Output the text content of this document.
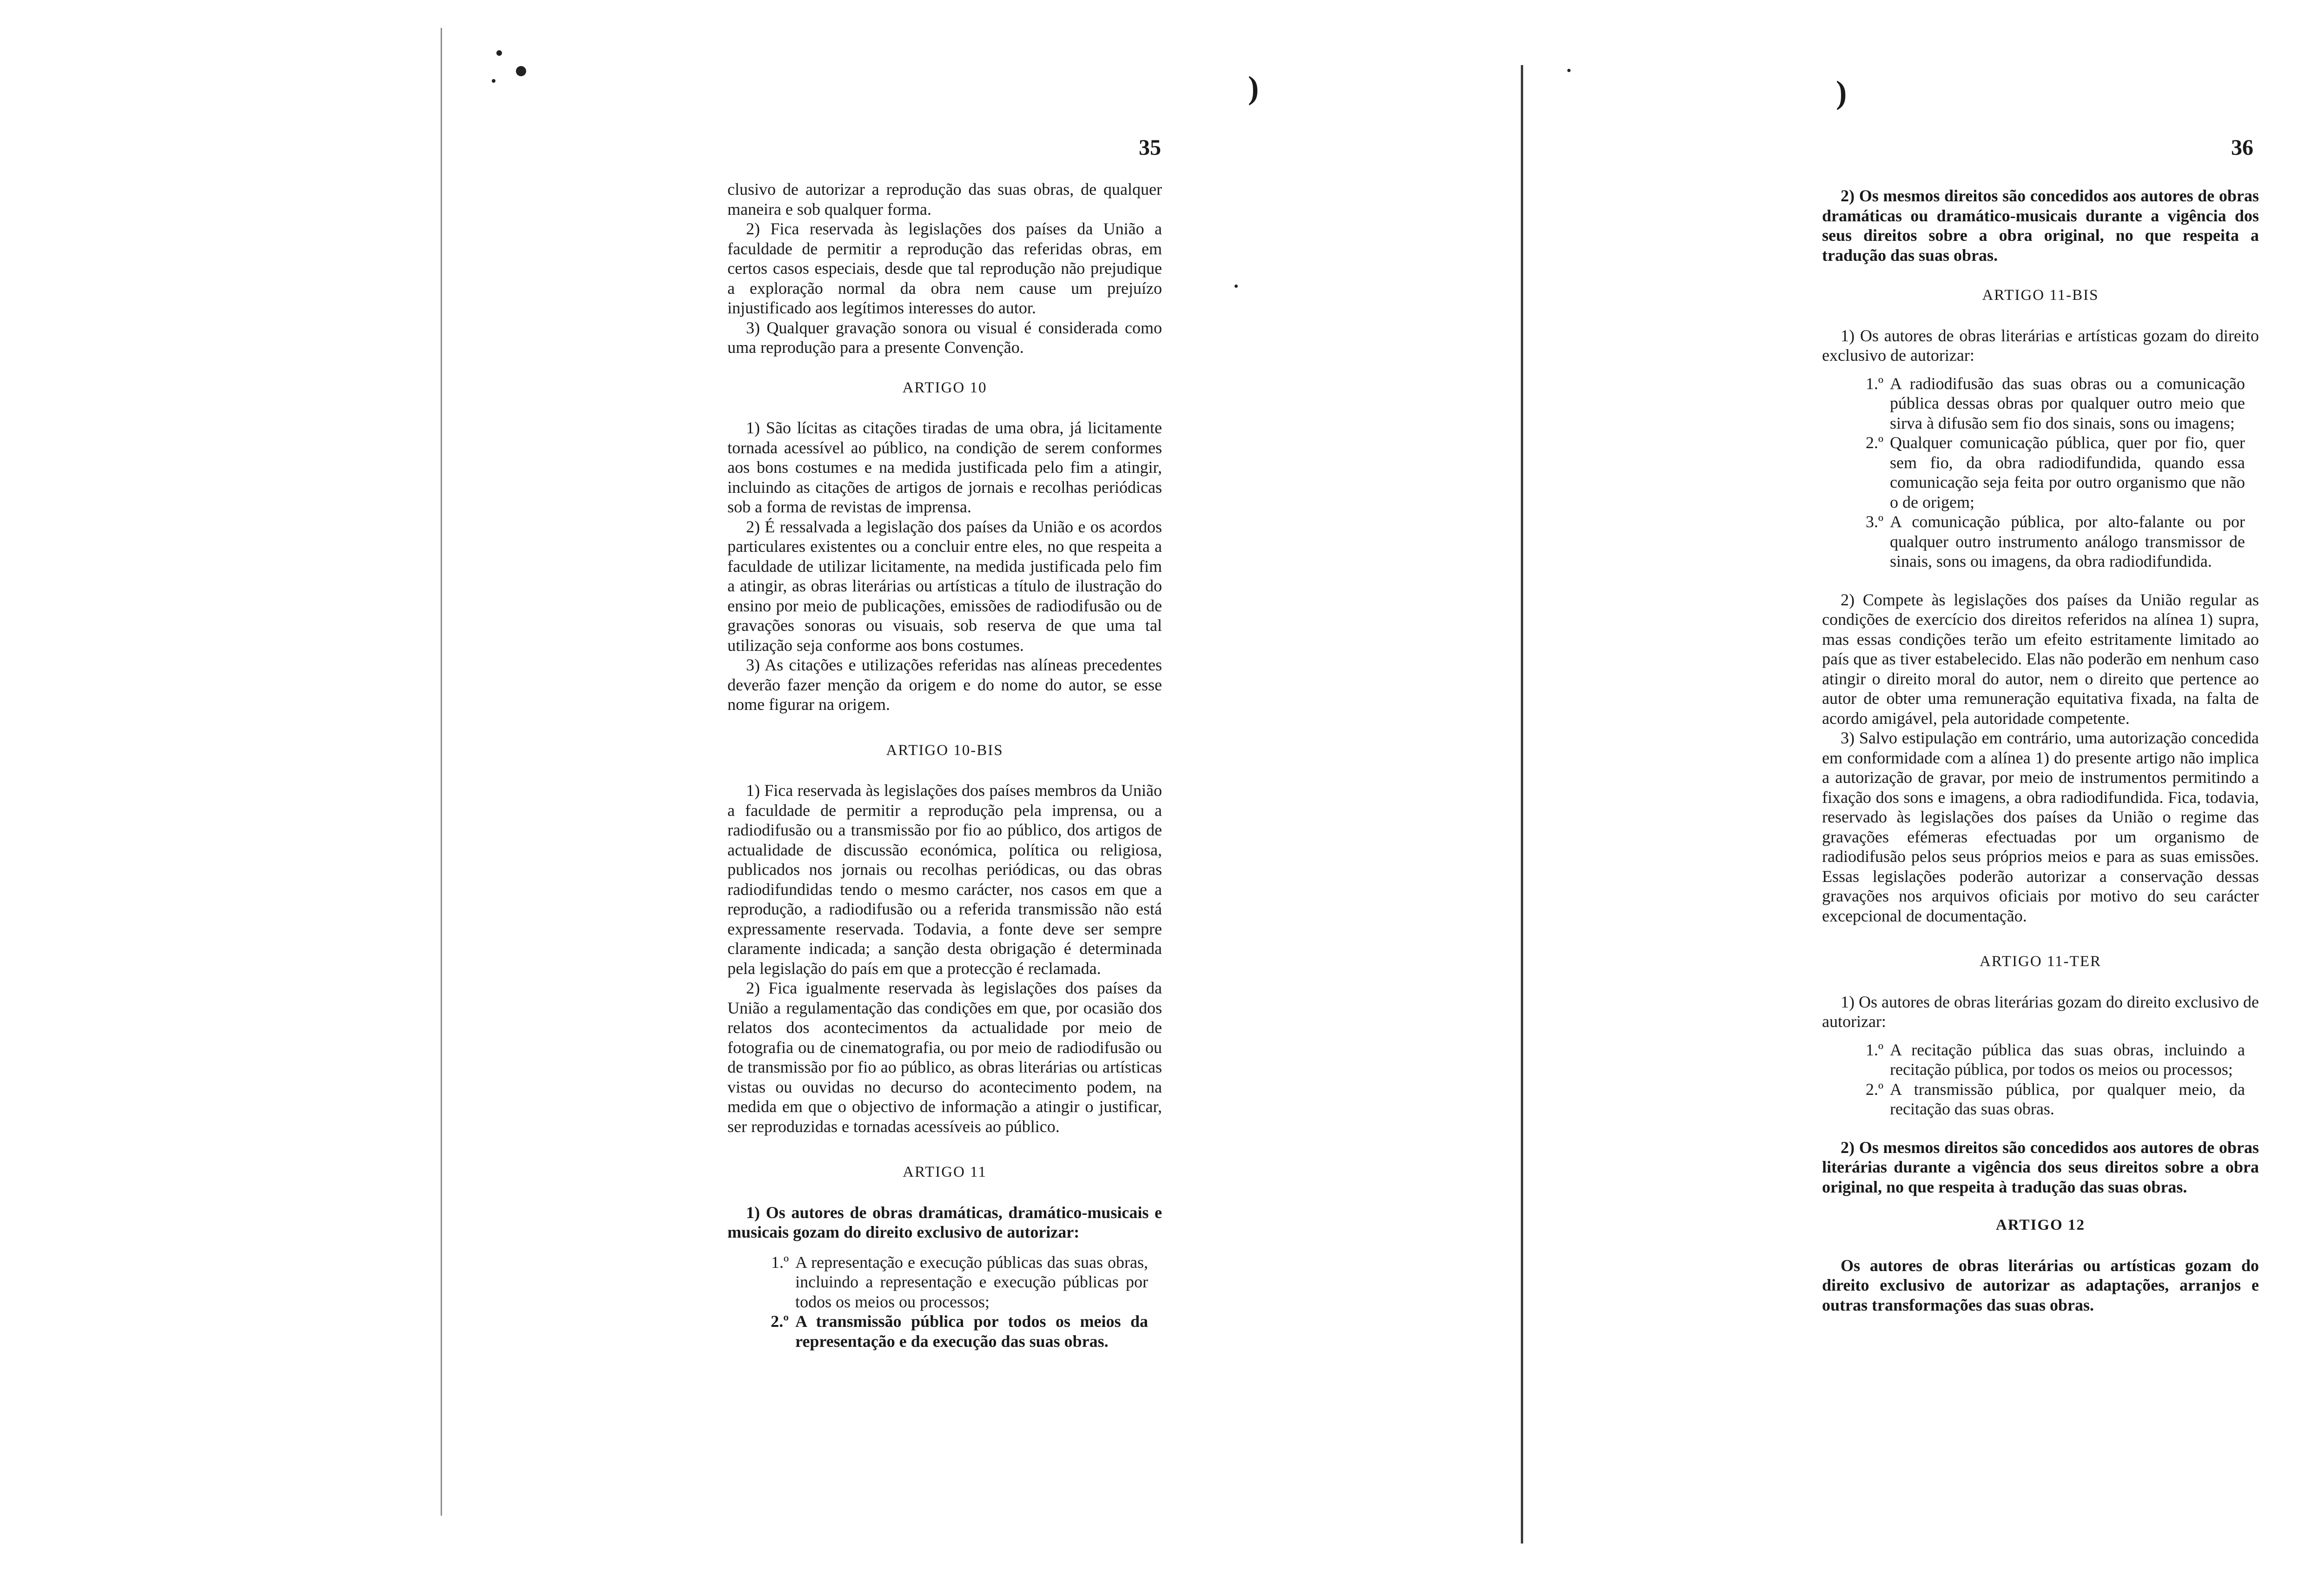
)
35

clusivo de autorizar a reprodução das suas obras, de qualquer maneira e sob qualquer forma.

2) Fica reservada às legislações dos países da União a faculdade de permitir a reprodução das referidas obras, em certos casos especiais, desde que tal reprodução não prejudique a exploração normal da obra nem cause um prejuízo injustificado aos legítimos interesses do autor.

3) Qualquer gravação sonora ou visual é considerada como uma reprodução para a presente Convenção.

ARTIGO 10

1) São lícitas as citações tiradas de uma obra, já licitamente tornada acessível ao público, na condição de serem conformes aos bons costumes e na medida justificada pelo fim a atingir, incluindo as citações de artigos de jornais e recolhas periódicas sob a forma de revistas de imprensa.

2) É ressalvada a legislação dos países da União e os acordos particulares existentes ou a concluir entre eles, no que respeita a faculdade de utilizar licitamente, na medida justificada pelo fim a atingir, as obras literárias ou artísticas a título de ilustração do ensino por meio de publicações, emissões de radiodifusão ou de gravações sonoras ou visuais, sob reserva de que uma tal utilização seja conforme aos bons costumes.

3) As citações e utilizações referidas nas alíneas precedentes deverão fazer menção da origem e do nome do autor, se esse nome figurar na origem.

ARTIGO 10-BIS

1) Fica reservada às legislações dos países membros da União a faculdade de permitir a reprodução pela imprensa, ou a radiodifusão ou a transmissão por fio ao público, dos artigos de actualidade de discussão económica, política ou religiosa, publicados nos jornais ou recolhas periódicas, ou das obras radiodifundidas tendo o mesmo carácter, nos casos em que a reprodução, a radiodifusão ou a referida transmissão não está expressamente reservada. Todavia, a fonte deve ser sempre claramente indicada; a sanção desta obrigação é determinada pela legislação do país em que a protecção é reclamada.

2) Fica igualmente reservada às legislações dos países da União a regulamentação das condições em que, por ocasião dos relatos dos acontecimentos da actualidade por meio de fotografia ou de cinematografia, ou por meio de radiodifusão ou de transmissão por fio ao público, as obras literárias ou artísticas vistas ou ouvidas no decurso do acontecimento podem, na medida em que o objectivo de informação a atingir o justificar, ser reproduzidas e tornadas acessíveis ao público.

ARTIGO 11

1) Os autores de obras dramáticas, dramático-musicais e musicais gozam do direito exclusivo de autorizar:

1.º A representação e execução públicas das suas obras, incluindo a representação e execução públicas por todos os meios ou processos;
2.º A transmissão pública por todos os meios da representação e da execução das suas obras.
)
36

2) Os mesmos direitos são concedidos aos autores de obras dramáticas ou dramático-musicais durante a vigência dos seus direitos sobre a obra original, no que respeita a tradução das suas obras.

ARTIGO 11-BIS

1) Os autores de obras literárias e artísticas gozam do direito exclusivo de autorizar:

1.º A radiodifusão das suas obras ou a comunicação pública dessas obras por qualquer outro meio que sirva à difusão sem fio dos sinais, sons ou imagens;
2.º Qualquer comunicação pública, quer por fio, quer sem fio, da obra radiodifundida, quando essa comunicação seja feita por outro organismo que não o de origem;
3.º A comunicação pública, por alto-falante ou por qualquer outro instrumento análogo transmissor de sinais, sons ou imagens, da obra radiodifundida.

2) Compete às legislações dos países da União regular as condições de exercício dos direitos referidos na alínea 1) supra, mas essas condições terão um efeito estritamente limitado ao país que as tiver estabelecido. Elas não poderão em nenhum caso atingir o direito moral do autor, nem o direito que pertence ao autor de obter uma remuneração equitativa fixada, na falta de acordo amigável, pela autoridade competente.

3) Salvo estipulação em contrário, uma autorização concedida em conformidade com a alínea 1) do presente artigo não implica a autorização de gravar, por meio de instrumentos permitindo a fixação dos sons e imagens, a obra radiodifundida. Fica, todavia, reservado às legislações dos países da União o regime das gravações efémeras efectuadas por um organismo de radiodifusão pelos seus próprios meios e para as suas emissões. Essas legislações poderão autorizar a conservação dessas gravações nos arquivos oficiais por motivo do seu carácter excepcional de documentação.

ARTIGO 11-TER

1) Os autores de obras literárias gozam do direito exclusivo de autorizar:

1.º A recitação pública das suas obras, incluindo a recitação pública, por todos os meios ou processos;
2.º A transmissão pública, por qualquer meio, da recitação das suas obras.

2) Os mesmos direitos são concedidos aos autores de obras literárias durante a vigência dos seus direitos sobre a obra original, no que respeita à tradução das suas obras.

ARTIGO 12

Os autores de obras literárias ou artísticas gozam do direito exclusivo de autorizar as adaptações, arranjos e outras transformações das suas obras.
